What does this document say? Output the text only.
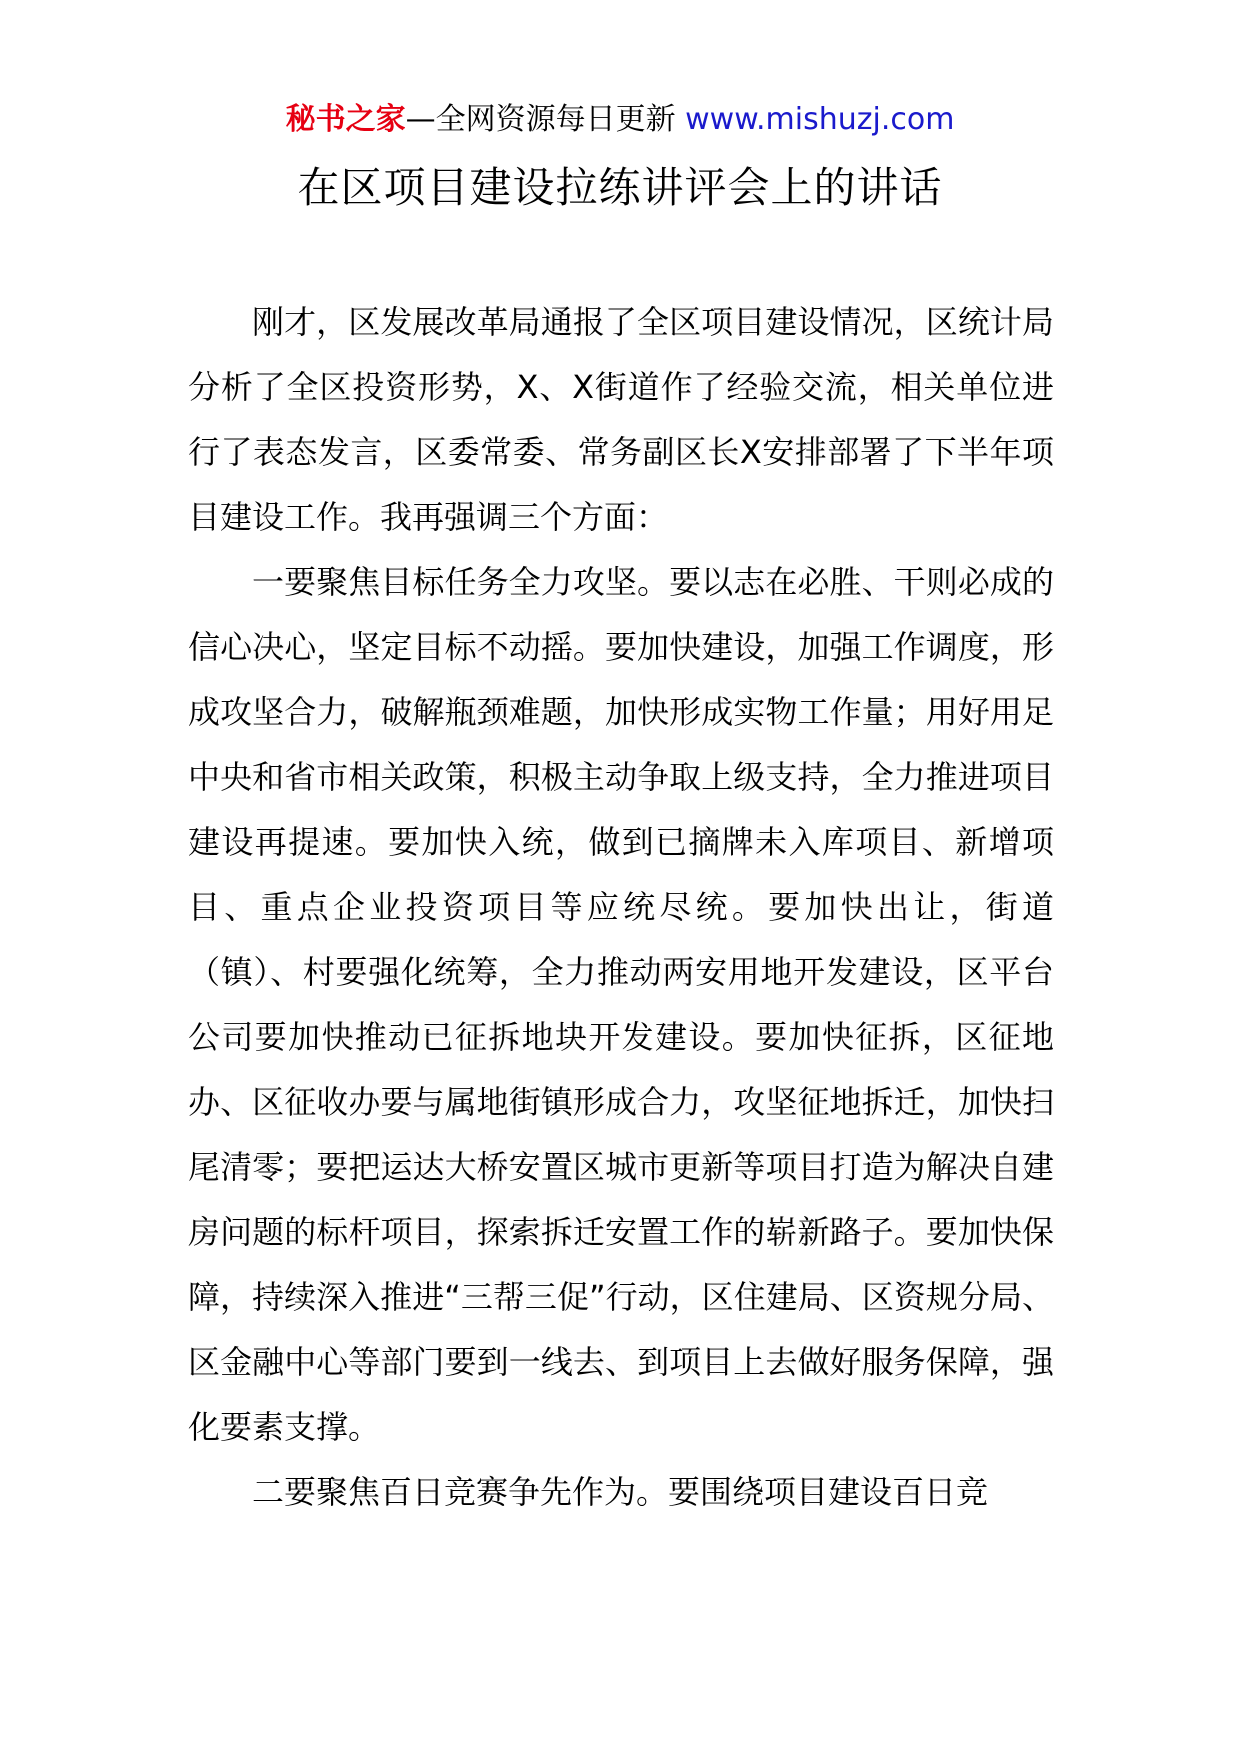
秘书之家—全网资源每日更新 www.mishuzj.com
在区项目建设拉练讲评会上的讲话

刚才，区发展改革局通报了全区项目建设情况，区统计局分析了全区投资形势，X、X街道作了经验交流，相关单位进行了表态发言，区委常委、常务副区长X安排部署了下半年项目建设工作。我再强调三个方面：

一要聚焦目标任务全力攻坚。要以志在必胜、干则必成的信心决心，坚定目标不动摇。要加快建设，加强工作调度，形成攻坚合力，破解瓶颈难题，加快形成实物工作量；用好用足中央和省市相关政策，积极主动争取上级支持，全力推进项目建设再提速。要加快入统，做到已摘牌未入库项目、新增项目、重点企业投资项目等应统尽统。要加快出让，街道（镇）、村要强化统筹，全力推动两安用地开发建设，区平台公司要加快推动已征拆地块开发建设。要加快征拆，区征地办、区征收办要与属地街镇形成合力，攻坚征地拆迁，加快扫尾清零；要把运达大桥安置区城市更新等项目打造为解决自建房问题的标杆项目，探索拆迁安置工作的崭新路子。要加快保障，持续深入推进“三帮三促”行动，区住建局、区资规分局、区金融中心等部门要到一线去、到项目上去做好服务保障，强化要素支撑。

二要聚焦百日竞赛争先作为。要围绕项目建设百日竞
